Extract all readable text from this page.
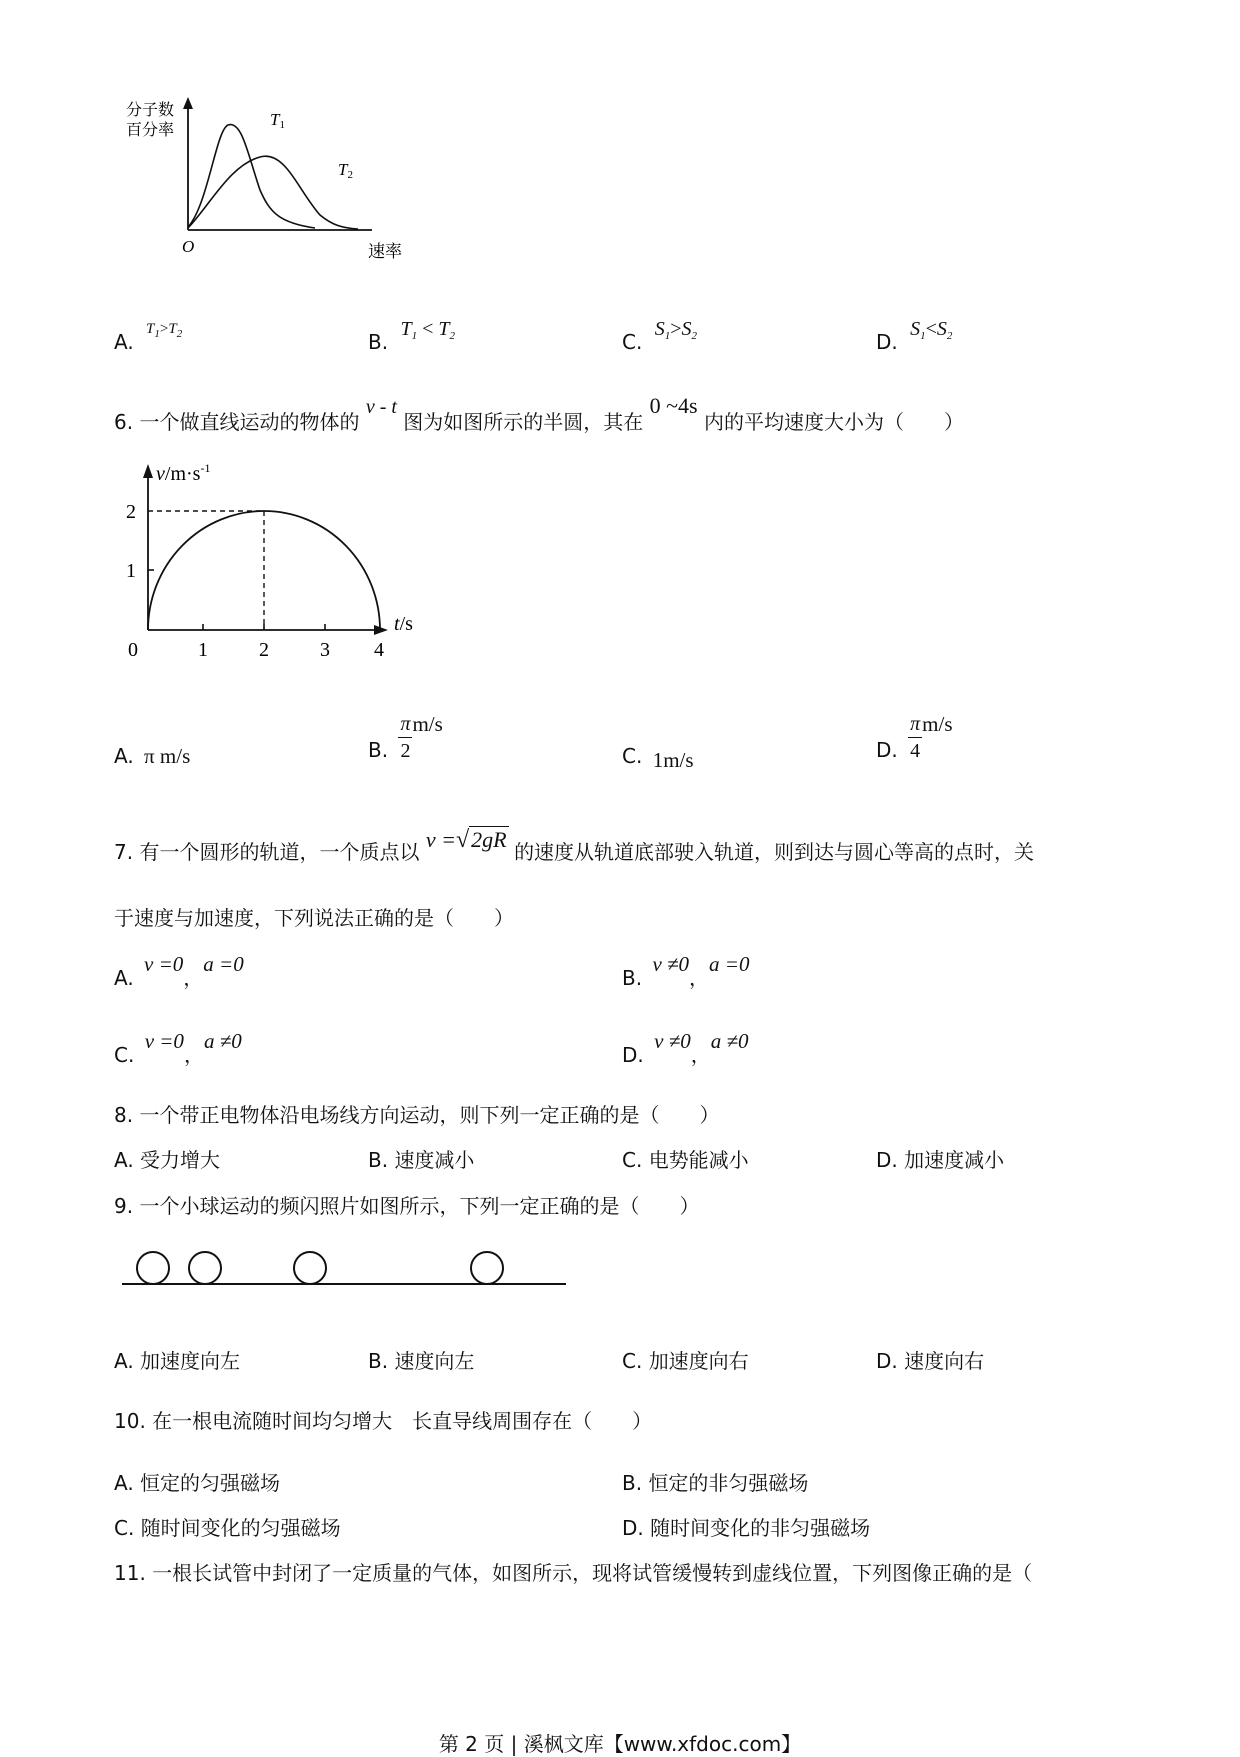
分子数
百分率
O	速率
T1
T2
A. $^{T_1>T_2}$	B. $T_1 < T_2$	C. $S_1>S_2$	D. $S_1<S_2$
6. 一个做直线运动的物体的 v - t 图为如图所示的半圆，其在 0 ~4s 内的平均速度大小为（　　）
$v/m\cdot s^{-1}$
2
1
0	1	2	3 4
t/s
A. π m/s	B. $\frac{\pi}{2} m/s$
C. 1m/s	D. $\frac{\pi}{4} m/s$
7. 有一个圆形的轨道，一个质点以 v =√2gR 的速度从轨道底部驶入轨道，则到达与圆心等高的点时，关
于速度与加速度，下列说法正确的是（　　）
A. v =0，a =0
B. v ≠0，a =0
C. v =0，a ≠0
D. v ≠0，a ≠0
8. 一个带正电物体沿电场线方向运动，则下列一定正确的是（　　）
A. 受力增大	B. 速度减小	C. 电势能减小	D. 加速度减小
9. 一个小球运动的频闪照片如图所示，下列一定正确的是（　　）
A. 加速度向左	B. 速度向左	C. 加速度向右	D. 速度向右
10. 在一根电流随时间均匀增大　长直导线周围存在（　　）
A. 恒定的匀强磁场	B. 恒定的非匀强磁场
C. 随时间变化的匀强磁场	D. 随时间变化的非匀强磁场
11. 一根长试管中封闭了一定质量的气体，如图所示，现将试管缓慢转到虚线位置，下列图像正确的是（
第 2 页 | 溪枫文库【www.xfdoc.com】
